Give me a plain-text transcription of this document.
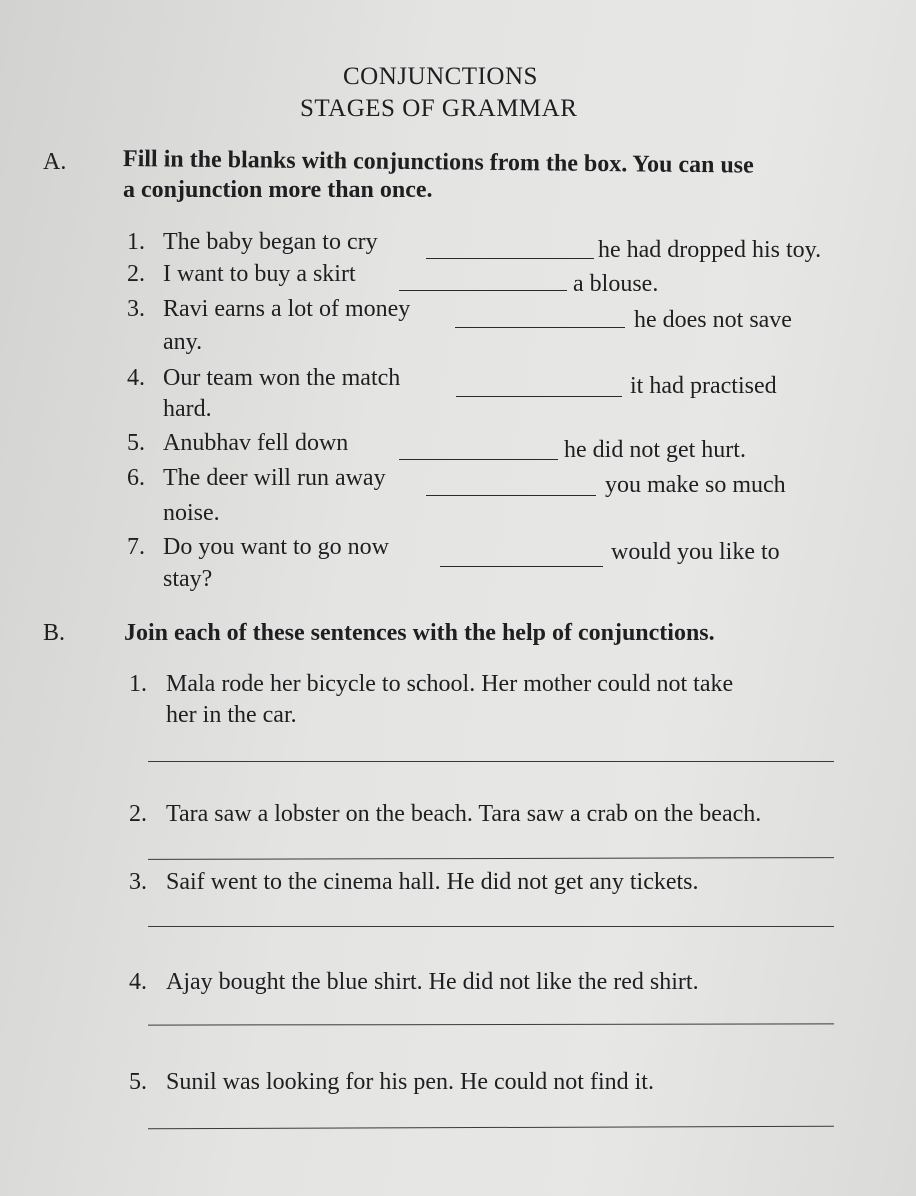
CONJUNCTIONS
STAGES OF GRAMMAR
A. Fill in the blanks with conjunctions from the box. You can use
a conjunction more than once.
1. The baby began to cry	he had dropped his toy.
2. I want to buy a skirt	a blouse.
3. Ravi earns a lot of money	he does not save
any.
4. Our team won the match	it had practised
hard.
5. Anubhav fell down	he did not get hurt.
6. The deer will run away	you make so much
noise.
7. Do you want to go now	would you like to
stay?
B. Join each of these sentences with the help of conjunctions.
1. Mala rode her bicycle to school. Her mother could not take
her in the car.
2. Tara saw a lobster on the beach. Tara saw a crab on the beach.
3. Saif went to the cinema hall. He did not get any tickets.
4. Ajay bought the blue shirt. He did not like the red shirt.
5. Sunil was looking for his pen. He could not find it.
